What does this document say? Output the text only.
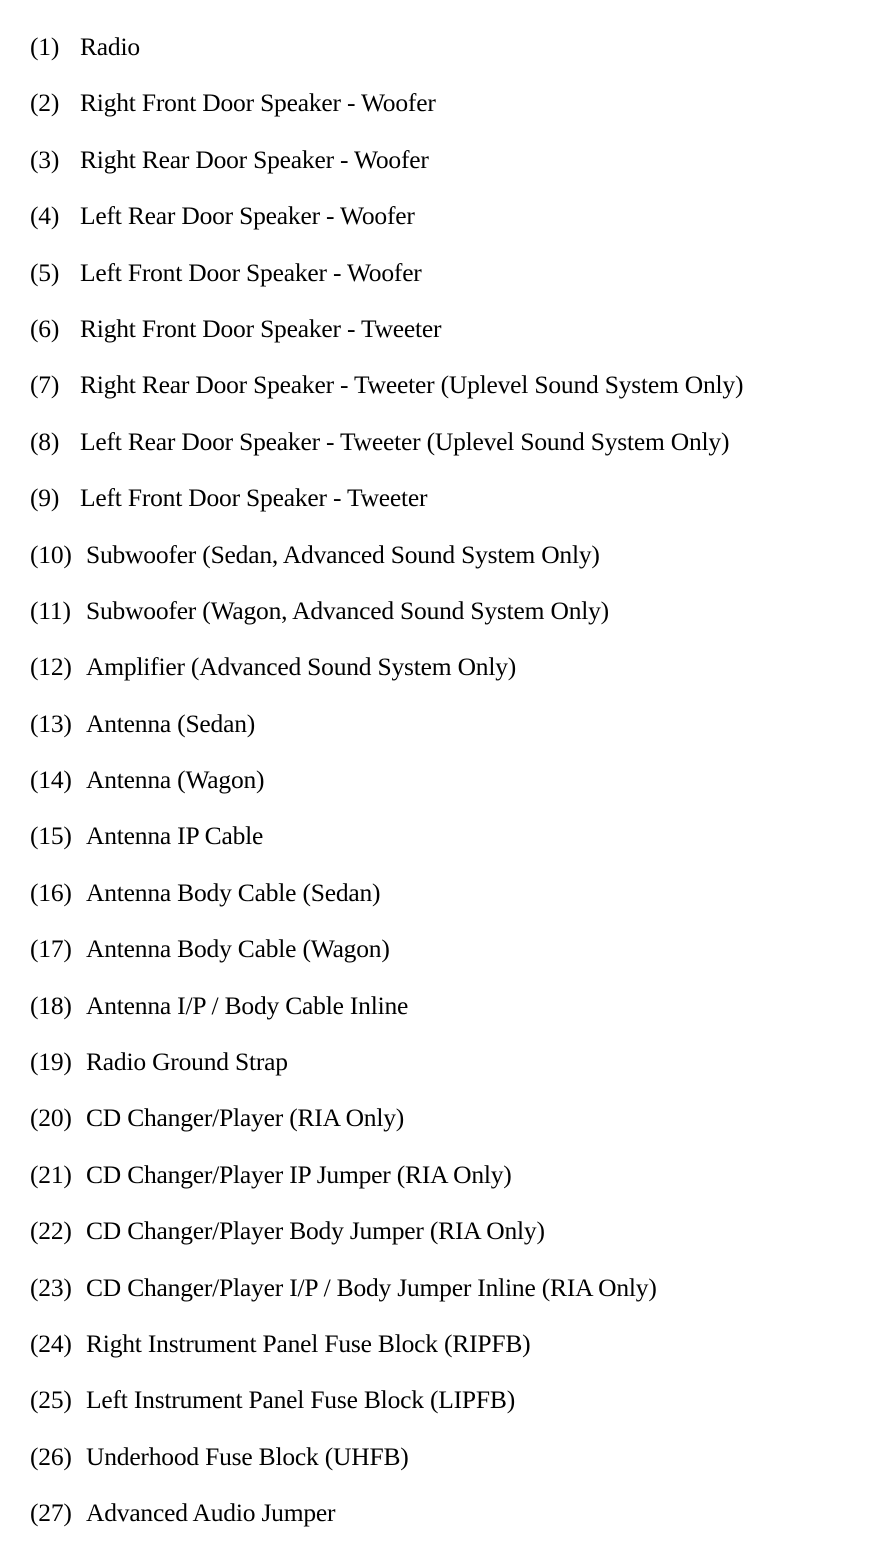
(1) Radio
(2) Right Front Door Speaker - Woofer
(3) Right Rear Door Speaker - Woofer
(4) Left Rear Door Speaker - Woofer
(5) Left Front Door Speaker - Woofer
(6) Right Front Door Speaker - Tweeter
(7) Right Rear Door Speaker - Tweeter (Uplevel Sound System Only)
(8) Left Rear Door Speaker - Tweeter (Uplevel Sound System Only)
(9) Left Front Door Speaker - Tweeter
(10) Subwoofer (Sedan, Advanced Sound System Only)
(11) Subwoofer (Wagon, Advanced Sound System Only)
(12) Amplifier (Advanced Sound System Only)
(13) Antenna (Sedan)
(14) Antenna (Wagon)
(15) Antenna IP Cable
(16) Antenna Body Cable (Sedan)
(17) Antenna Body Cable (Wagon)
(18) Antenna I/P / Body Cable Inline
(19) Radio Ground Strap
(20) CD Changer/Player (RIA Only)
(21) CD Changer/Player IP Jumper (RIA Only)
(22) CD Changer/Player Body Jumper (RIA Only)
(23) CD Changer/Player I/P / Body Jumper Inline (RIA Only)
(24) Right Instrument Panel Fuse Block (RIPFB)
(25) Left Instrument Panel Fuse Block (LIPFB)
(26) Underhood Fuse Block (UHFB)
(27) Advanced Audio Jumper
